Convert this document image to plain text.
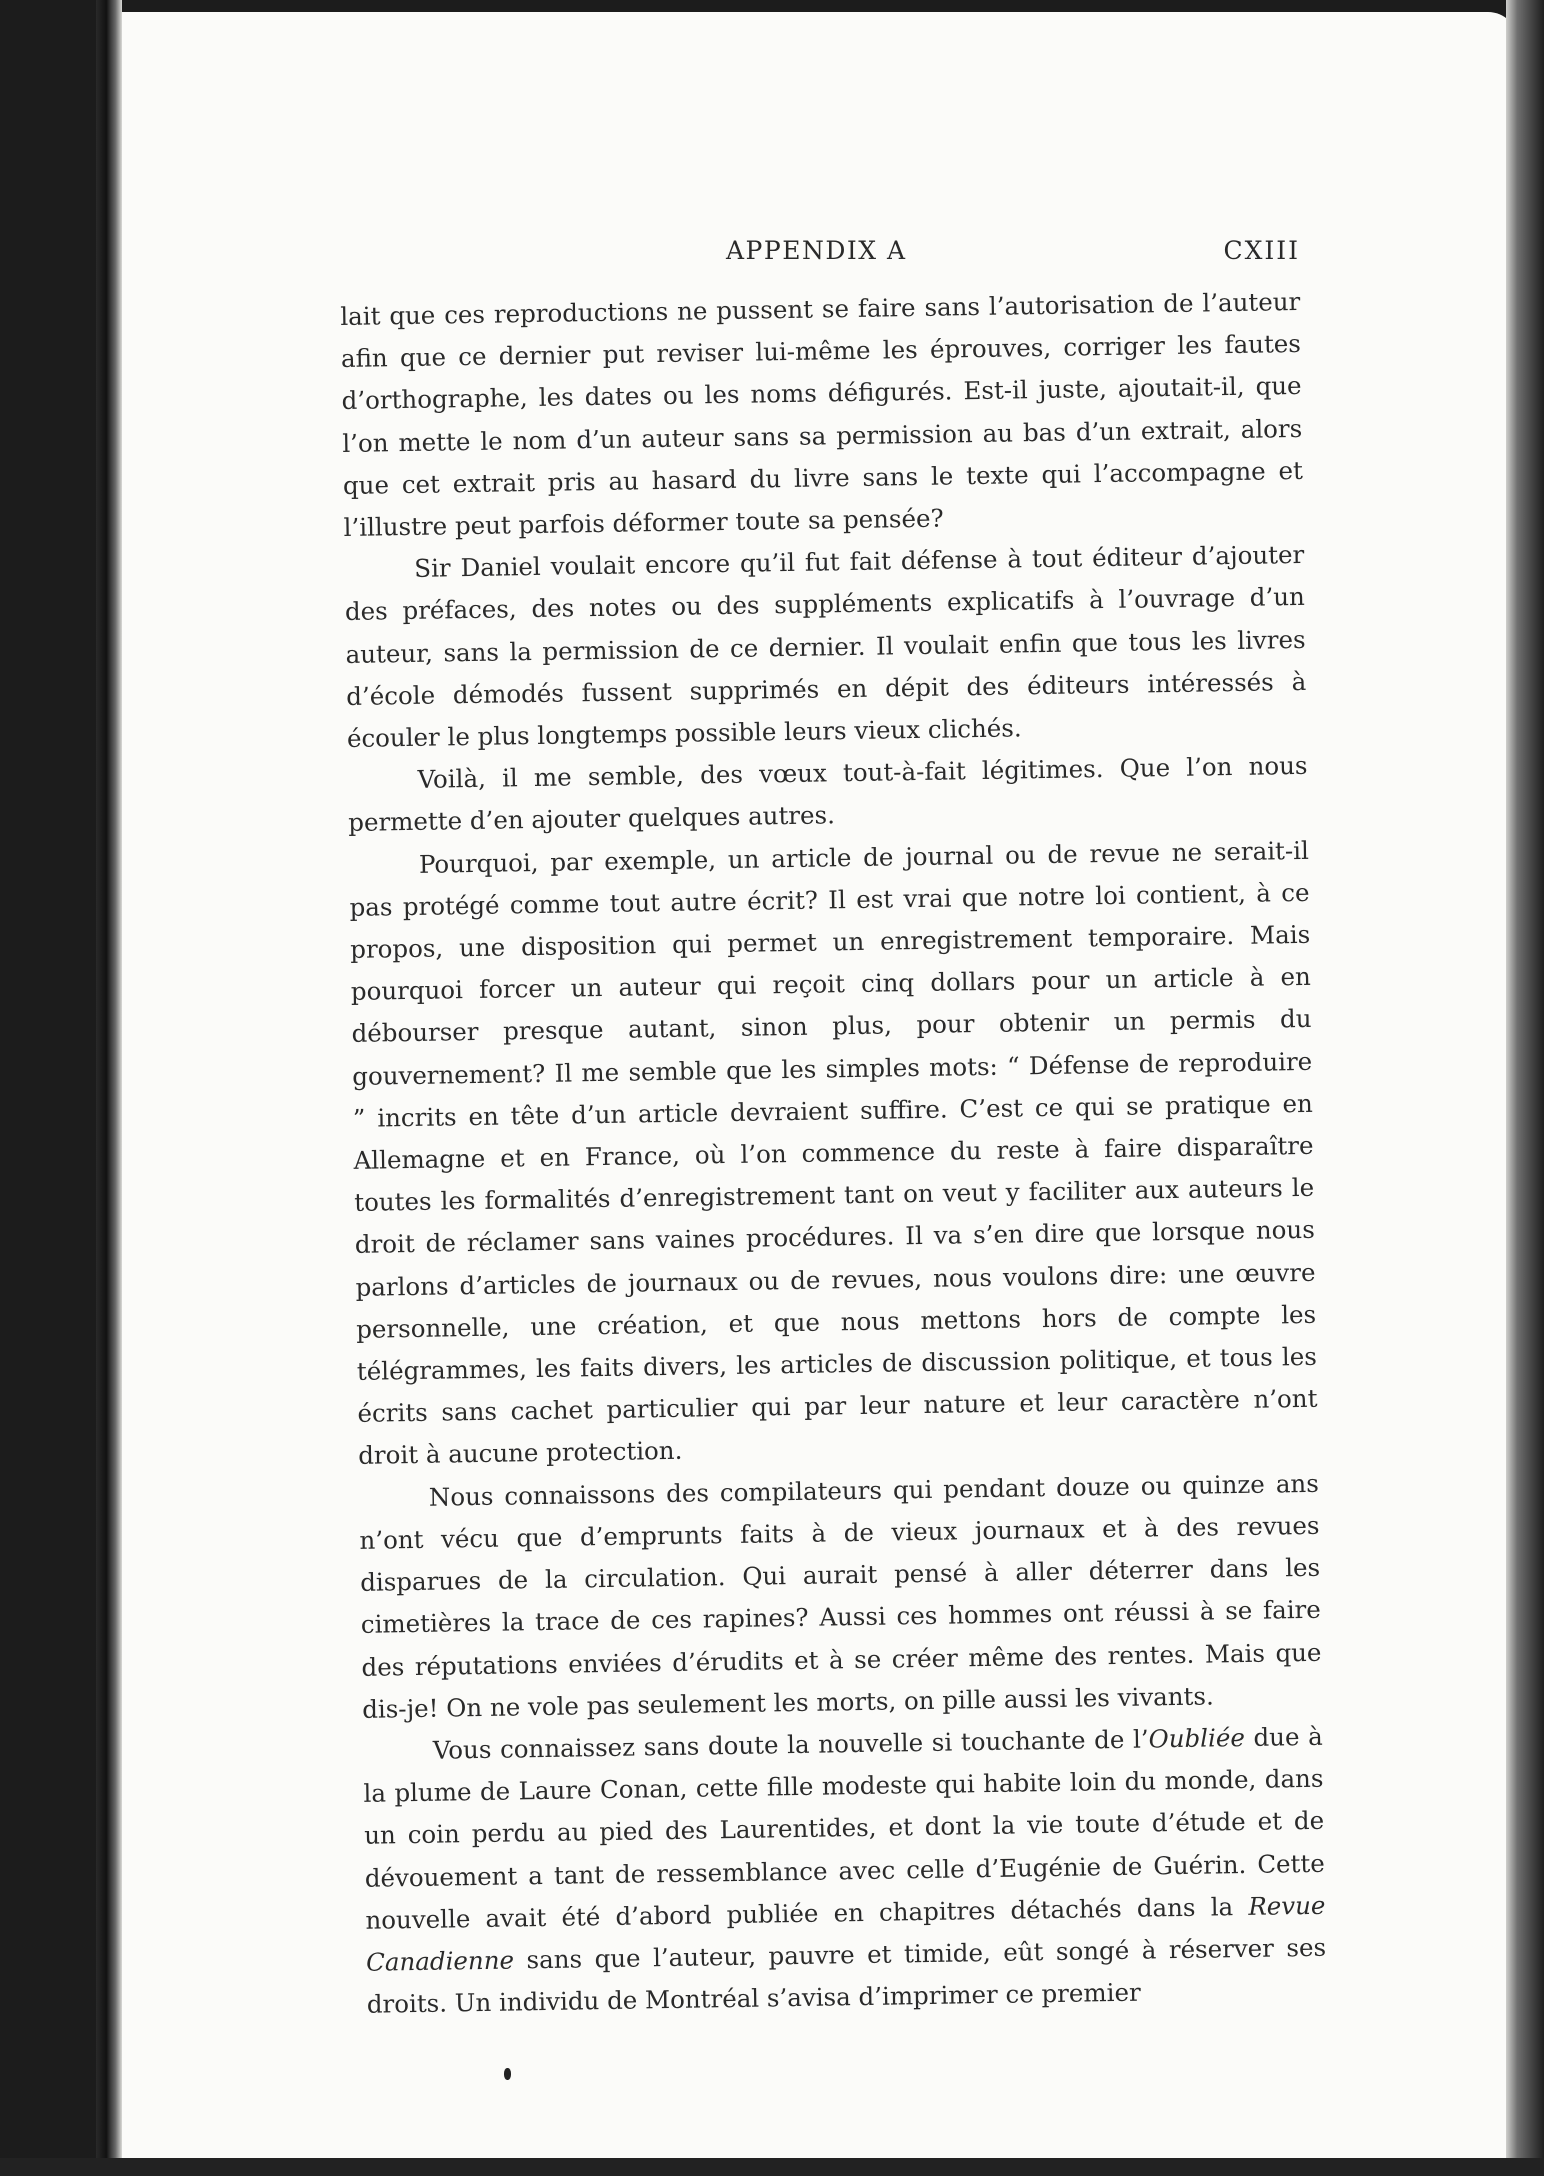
APPENDIX A	CXIII

lait que ces reproductions ne pussent se faire sans l’autorisation de l’auteur afin que ce dernier put reviser lui-même les éprouves, corriger les fautes d’orthographe, les dates ou les noms défigurés. Est-il juste, ajoutait-il, que l’on mette le nom d’un auteur sans sa permission au bas d’un extrait, alors que cet extrait pris au hasard du livre sans le texte qui l’accompagne et l’illustre peut parfois déformer toute sa pensée?

Sir Daniel voulait encore qu’il fut fait défense à tout éditeur d’ajouter des préfaces, des notes ou des suppléments explicatifs à l’ouvrage d’un auteur, sans la permission de ce dernier. Il voulait enfin que tous les livres d’école démodés fussent supprimés en dépit des éditeurs intéressés à écouler le plus longtemps possible leurs vieux clichés.

Voilà, il me semble, des vœux tout-à-fait légitimes. Que l’on nous permette d’en ajouter quelques autres.

Pourquoi, par exemple, un article de journal ou de revue ne serait-il pas protégé comme tout autre écrit? Il est vrai que notre loi contient, à ce propos, une disposition qui permet un enregistrement temporaire. Mais pourquoi forcer un auteur qui reçoit cinq dollars pour un article à en débourser presque autant, sinon plus, pour obtenir un permis du gouvernement? Il me semble que les simples mots: “ Défense de reproduire ” incrits en tête d’un article devraient suffire. C’est ce qui se pratique en Allemagne et en France, où l’on commence du reste à faire disparaître toutes les formalités d’enregistrement tant on veut y faciliter aux auteurs le droit de réclamer sans vaines procédures. Il va s’en dire que lorsque nous parlons d’articles de journaux ou de revues, nous voulons dire: une œuvre personnelle, une création, et que nous mettons hors de compte les télégrammes, les faits divers, les articles de discussion politique, et tous les écrits sans cachet particulier qui par leur nature et leur caractère n’ont droit à aucune protection.

Nous connaissons des compilateurs qui pendant douze ou quinze ans n’ont vécu que d’emprunts faits à de vieux journaux et à des revues disparues de la circulation. Qui aurait pensé à aller déterrer dans les cimetières la trace de ces rapines? Aussi ces hommes ont réussi à se faire des réputations enviées d’érudits et à se créer même des rentes. Mais que dis-je! On ne vole pas seulement les morts, on pille aussi les vivants.

Vous connaissez sans doute la nouvelle si touchante de l’Oubliée due à la plume de Laure Conan, cette fille modeste qui habite loin du monde, dans un coin perdu au pied des Laurentides, et dont la vie toute d’étude et de dévouement a tant de ressemblance avec celle d’Eugénie de Guérin. Cette nouvelle avait été d’abord publiée en chapitres détachés dans la Revue Canadienne sans que l’auteur, pauvre et timide, eût songé à réserver ses droits. Un individu de Montréal s’avisa d’imprimer ce premier
